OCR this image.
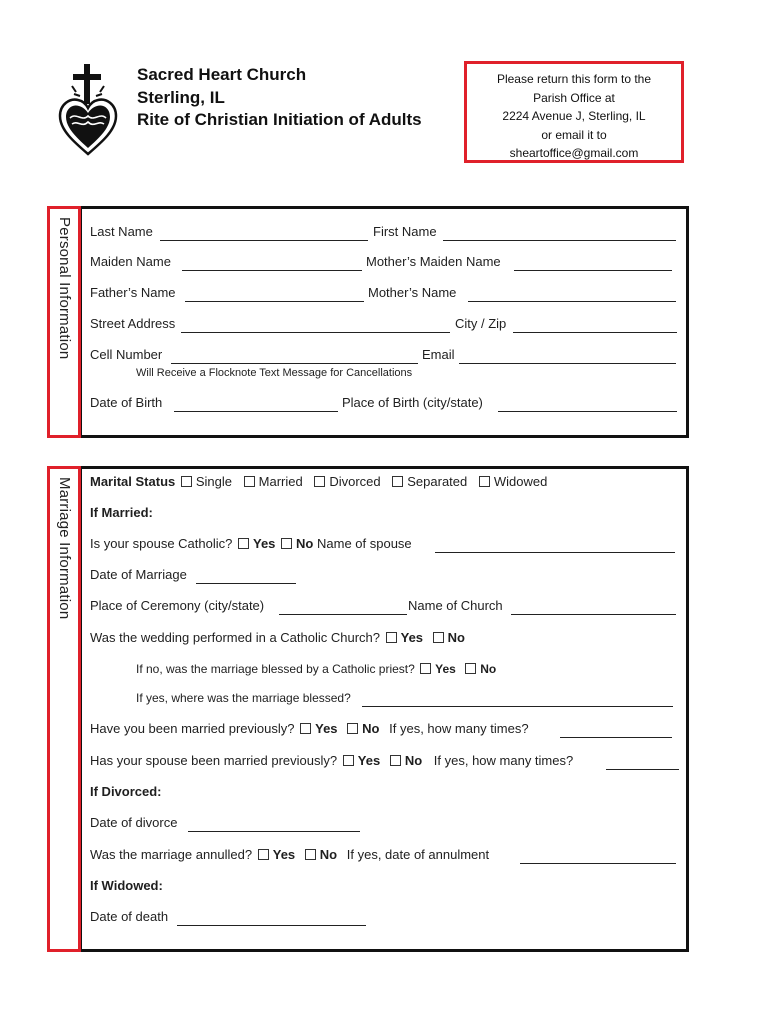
Sacred Heart Church
Sterling, IL
Rite of Christian Initiation of Adults
Please return this form to the
Parish Office at
2224 Avenue J, Sterling, IL
or email it to
sheartoffice@gmail.com
Personal Information Last Name	First Name
Maiden Name	Mother’s Maiden Name
Father’s Name	Mother’s Name
Street Address	City / Zip
Cell Number	Email
Will Receive a Flocknote Text Message for Cancellations
Date of Birth	Place of Birth (city/state)
Marriage Information Marital Status Single Married Divorced Separated Widowed
If Married:
Is your spouse Catholic? Yes No Name of spouse
Date of Marriage
Place of Ceremony (city/state)	Name of Church
Was the wedding performed in a Catholic Church? Yes No
If no, was the marriage blessed by a Catholic priest? Yes No
If yes, where was the marriage blessed?
Have you been married previously? Yes No If yes, how many times?
Has your spouse been married previously? Yes No If yes, how many times?
If Divorced:
Date of divorce
Was the marriage annulled? Yes No If yes, date of annulment
If Widowed:
Date of death
